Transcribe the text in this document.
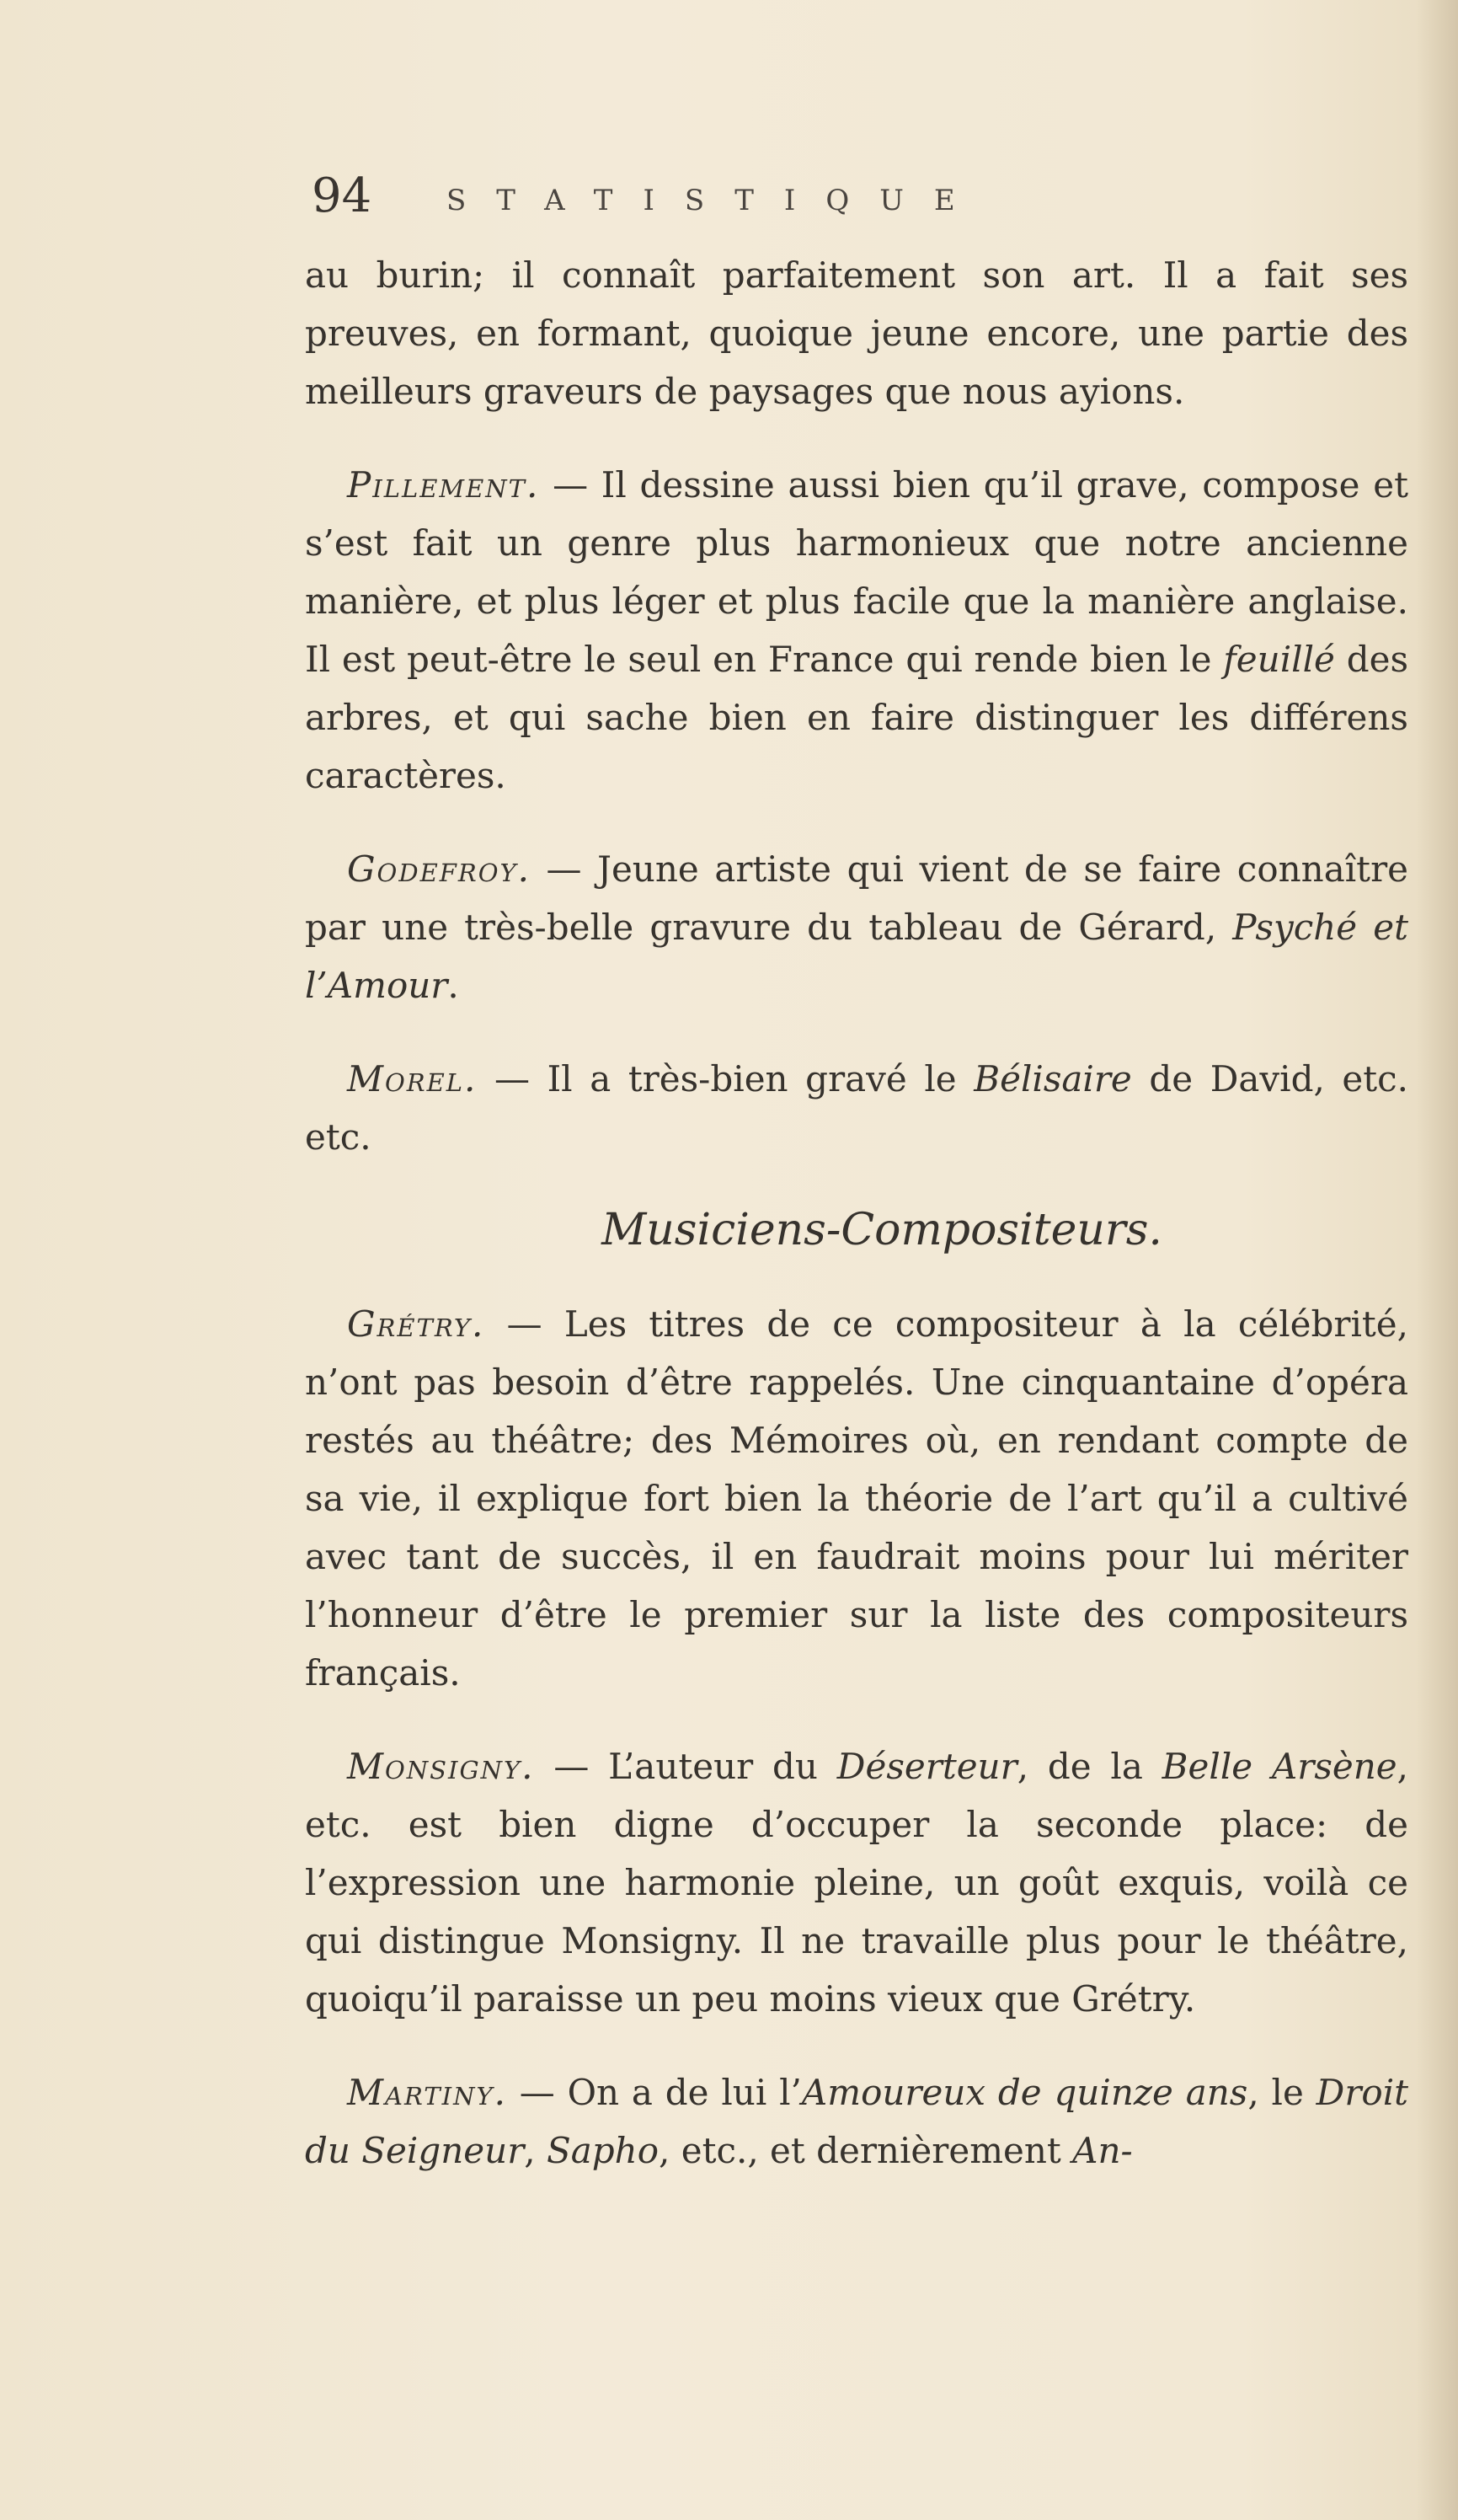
94	STATISTIQUE

au burin; il connaît parfaitement son art. Il a fait ses preuves, en formant, quoique jeune encore, une partie des meilleurs graveurs de paysages que nous ayions.

Pillement. — Il dessine aussi bien qu’il grave, compose et s’est fait un genre plus harmonieux que notre ancienne manière, et plus léger et plus facile que la manière anglaise. Il est peut-être le seul en France qui rende bien le feuillé des arbres, et qui sache bien en faire distinguer les différens caractères.

Godefroy. — Jeune artiste qui vient de se faire connaître par une très-belle gravure du tableau de Gérard, Psyché et l’Amour.

Morel. — Il a très-bien gravé le Bélisaire de David, etc. etc.

Musiciens-Compositeurs.

Grétry. — Les titres de ce compositeur à la célébrité, n’ont pas besoin d’être rappelés. Une cinquantaine d’opéra restés au théâtre; des Mémoires où, en rendant compte de sa vie, il explique fort bien la théorie de l’art qu’il a cultivé avec tant de succès, il en faudrait moins pour lui mériter l’honneur d’être le premier sur la liste des compositeurs français.

Monsigny. — L’auteur du Déserteur, de la Belle Arsène, etc. est bien digne d’occuper la seconde place: de l’expression une harmonie pleine, un goût exquis, voilà ce qui distingue Monsigny. Il ne travaille plus pour le théâtre, quoiqu’il paraisse un peu moins vieux que Grétry.

Martiny. — On a de lui l’Amoureux de quinze ans, le Droit du Seigneur, Sapho, etc., et dernièrement An-
